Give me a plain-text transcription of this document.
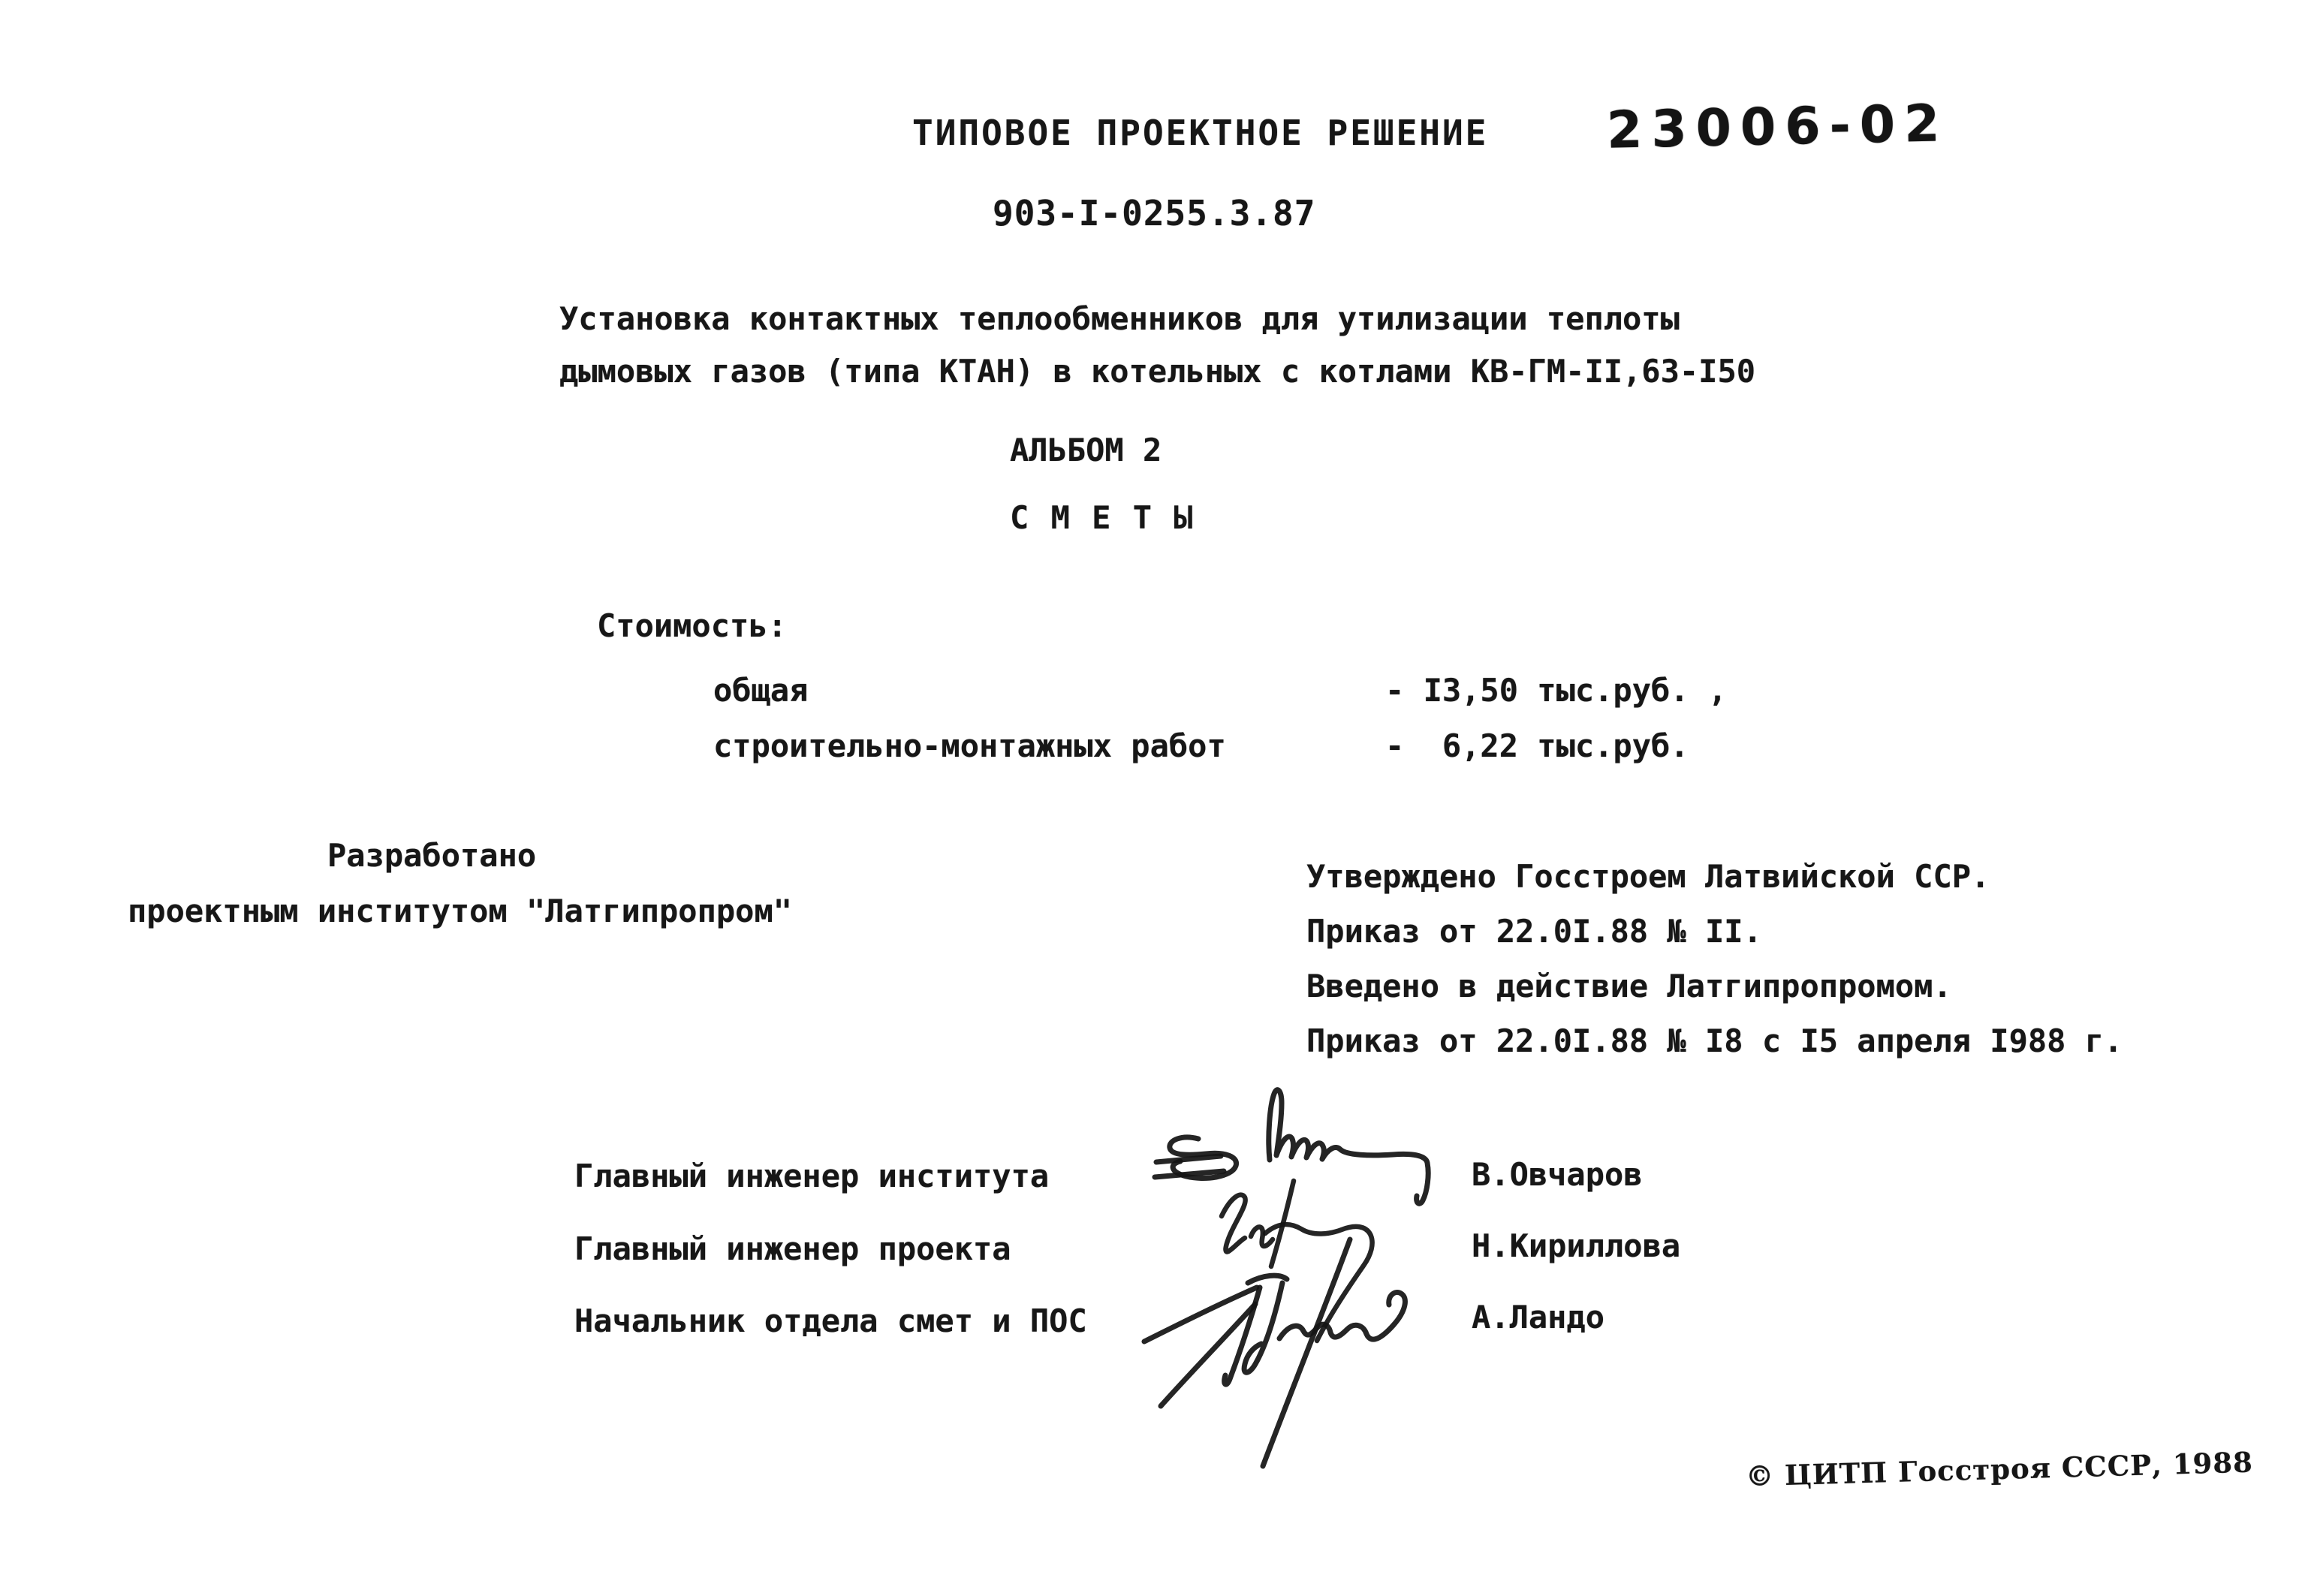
ТИПОВОЕ ПРОЕКТНОЕ РЕШЕНИЕ 23006-02
903-I-0255.3.87
Установка контактных теплообменников для утилизации теплоты
дымовых газов (типа КТАН) в котельных с котлами КВ-ГМ-II,63-I50
АЛЬБОМ 2
С М Е Т Ы
Стоимость:
общая	- I3,50 тыс.руб. ,
строительно-монтажных работ	-  6,22 тыс.руб.
Разработано
проектным институтом "Латгипропром"
Утверждено Госстроем Латвийской ССР.
Приказ от 22.0I.88 № II.
Введено в действие Латгипропромом.
Приказ от 22.0I.88 № I8 с I5 апреля I988 г.
Главный инженер института
Главный инженер проекта
Начальник отдела смет и ПОС
В.Овчаров
Н.Кириллова
А.Ландо
© ЦИТП Госстроя СССР, 1988
